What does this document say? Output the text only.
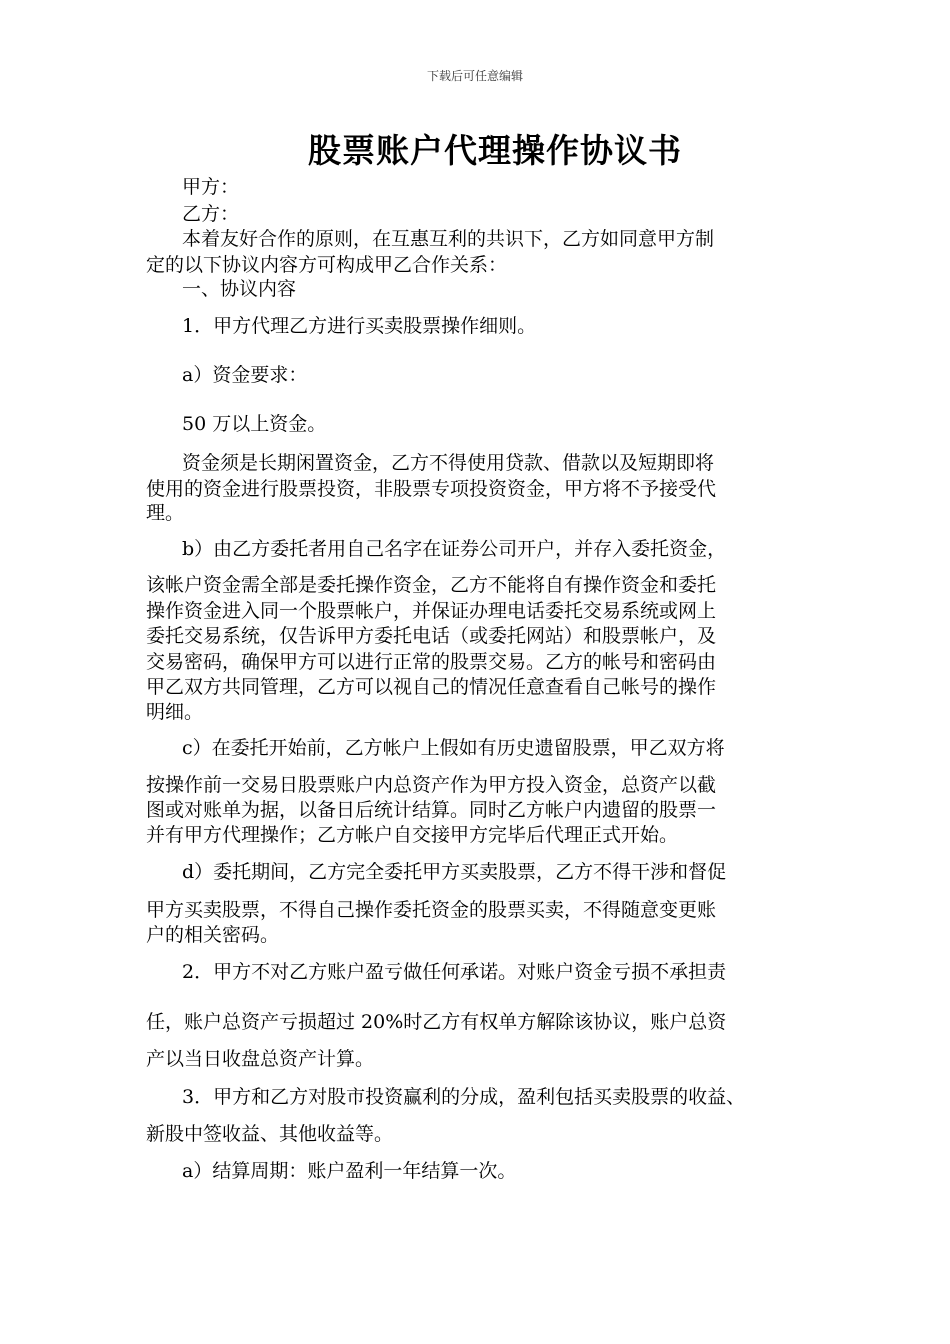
下载后可任意编辑
股票账户代理操作协议书
甲方：
乙方：
本着友好合作的原则，在互惠互利的共识下，乙方如同意甲方制
定的以下协议内容方可构成甲乙合作关系：
一、协议内容
1．甲方代理乙方进行买卖股票操作细则。
a）资金要求：
50 万以上资金。
资金须是长期闲置资金，乙方不得使用贷款、借款以及短期即将
使用的资金进行股票投资，非股票专项投资资金，甲方将不予接受代
理。
b）由乙方委托者用自己名字在证券公司开户，并存入委托资金，
该帐户资金需全部是委托操作资金，乙方不能将自有操作资金和委托
操作资金进入同一个股票帐户，并保证办理电话委托交易系统或网上
委托交易系统，仅告诉甲方委托电话（或委托网站）和股票帐户，及
交易密码，确保甲方可以进行正常的股票交易。乙方的帐号和密码由
甲乙双方共同管理，乙方可以视自己的情况任意查看自己帐号的操作
明细。
c）在委托开始前，乙方帐户上假如有历史遗留股票，甲乙双方将
按操作前一交易日股票账户内总资产作为甲方投入资金，总资产以截
图或对账单为据，以备日后统计结算。同时乙方帐户内遗留的股票一
并有甲方代理操作；乙方帐户自交接甲方完毕后代理正式开始。
d）委托期间，乙方完全委托甲方买卖股票，乙方不得干涉和督促
甲方买卖股票，不得自己操作委托资金的股票买卖，不得随意变更账
户的相关密码。
2．甲方不对乙方账户盈亏做任何承诺。对账户资金亏损不承担责
任，账户总资产亏损超过 20%时乙方有权单方解除该协议，账户总资
产以当日收盘总资产计算。
3．甲方和乙方对股市投资赢利的分成，盈利包括买卖股票的收益、
新股中签收益、其他收益等。
a）结算周期：账户盈利一年结算一次。
